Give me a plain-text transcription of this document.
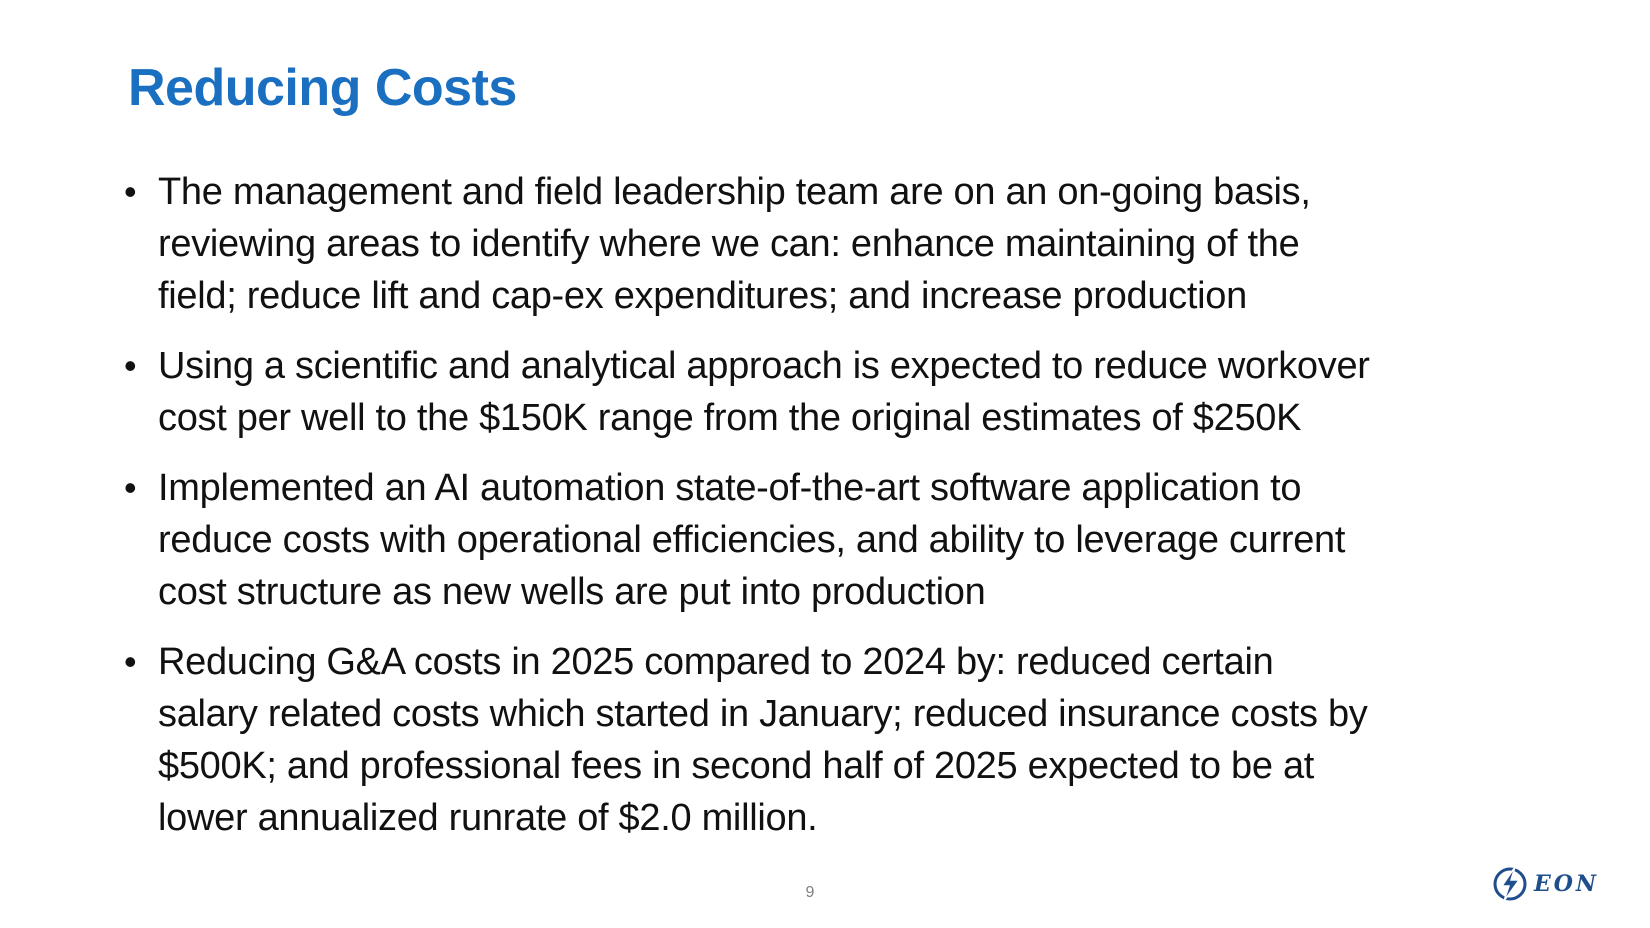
Reducing Costs
• The management and field leadership team are on an on-going basis,
reviewing areas to identify where we can: enhance maintaining of the
field; reduce lift and cap-ex expenditures; and increase production
• Using a scientific and analytical approach is expected to reduce workover
cost per well to the $150K range from the original estimates of $250K
• Implemented an AI automation state-of-the-art software application to
reduce costs with operational efficiencies, and ability to leverage current
cost structure as new wells are put into production
• Reducing G&A costs in 2025 compared to 2024 by: reduced certain
salary related costs which started in January; reduced insurance costs by
$500K; and professional fees in second half of 2025 expected to be at
lower annualized runrate of $2.0 million.
9	EON
